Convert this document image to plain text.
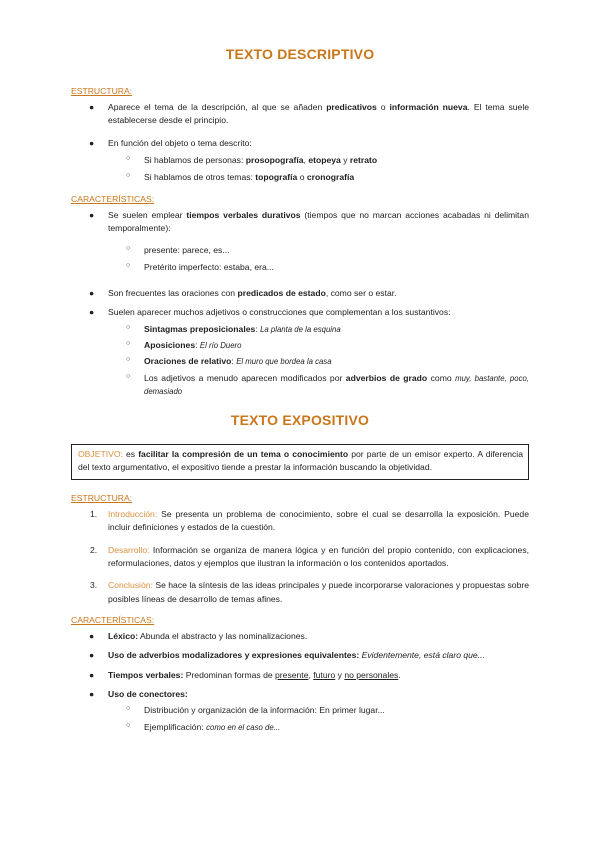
TEXTO DESCRIPTIVO

ESTRUCTURA:

● Aparece el tema de la descripción, al que se añaden predicativos o información nueva. El tema suele establecerse desde el principio.
● En función del objeto o tema descrito:
○ Si hablamos de personas: prosopografía, etopeya y retrato
○ Si hablamos de otros temas: topografía o cronografía

CARACTERÍSTICAS:

● Se suelen emplear tiempos verbales durativos (tiempos que no marcan acciones acabadas ni delimitan temporalmente):
○ presente: parece, es...
○ Pretérito imperfecto: estaba, era...
● Son frecuentes las oraciones con predicados de estado, como ser o estar.
● Suelen aparecer muchos adjetivos o construcciones que complementan a los sustantivos:
○ Sintagmas preposicionales: La planta de la esquina
○ Aposiciones: El río Duero
○ Oraciones de relativo: El muro que bordea la casa
○ Los adjetivos a menudo aparecen modificados por adverbios de grado como muy, bastante, poco, demasiado
TEXTO EXPOSITIVO
OBJETIVO: es facilitar la compresión de un tema o conocimiento por parte de un emisor experto. A diferencia del texto argumentativo, el expositivo tiende a prestar la información buscando la objetividad.

ESTRUCTURA:

1. Introducción: Se presenta un problema de conocimiento, sobre el cual se desarrolla la exposición. Puede incluir definiciones y estados de la cuestión.
2. Desarrollo: Información se organiza de manera lógica y en función del propio contenido, con explicaciones, reformulaciones, datos y ejemplos que ilustran la información o los contenidos aportados.
3. Conclusión: Se hace la síntesis de las ideas principales y puede incorporarse valoraciones y propuestas sobre posibles líneas de desarrollo de temas afines.

CARACTERÍSTICAS:

● Léxico: Abunda el abstracto y las nominalizaciones.
● Uso de adverbios modalizadores y expresiones equivalentes: Evidentemente, está claro que...
● Tiempos verbales: Predominan formas de presente, futuro y no personales.
● Uso de conectores:
○ Distribución y organización de la información: En primer lugar...
○ Ejemplificación: como en el caso de...
